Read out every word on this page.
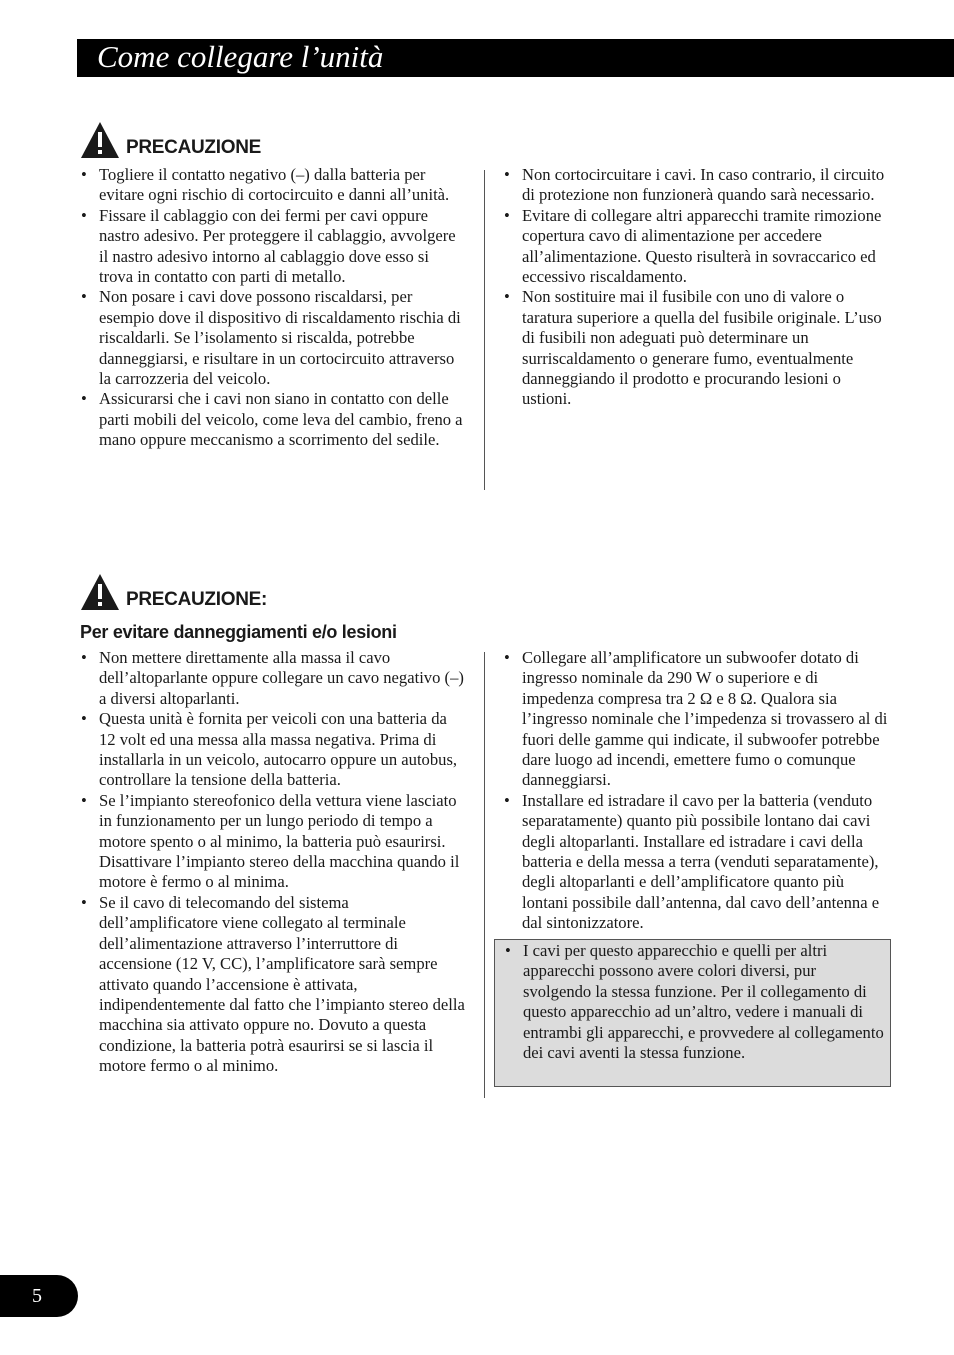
Come collegare l’unità
PRECAUZIONE
• Togliere il contatto negativo (–) dalla batteria per evitare ogni rischio di cortocircuito e danni all’unità.
• Fissare il cablaggio con dei fermi per cavi oppure nastro adesivo. Per proteggere il cablaggio, avvolgere il nastro adesivo intorno al cablaggio dove esso si trova in contatto con parti di metallo.
• Non posare i cavi dove possono riscaldarsi, per esempio dove il dispositivo di riscaldamento rischia di riscaldarli. Se l’isolamento si riscalda, potrebbe danneggiarsi, e risultare in un cortocircuito attraverso la carrozzeria del veicolo.
• Assicurarsi che i cavi non siano in contatto con delle parti mobili del veicolo, come leva del cambio, freno a mano oppure meccanismo a scorrimento del sedile.
• Non cortocircuitare i cavi. In caso contrario, il circuito di protezione non funzionerà quando sarà necessario.
• Evitare di collegare altri apparecchi tramite rimozione copertura cavo di alimentazione per accedere all’alimentazione. Questo risulterà in sovraccarico ed eccessivo riscaldamento.
• Non sostituire mai il fusibile con uno di valore o taratura superiore a quella del fusibile originale. L’uso di fusibili non adeguati può determinare un surriscaldamento o generare fumo, eventualmente danneggiando il prodotto e procurando lesioni o ustioni.
PRECAUZIONE:
Per evitare danneggiamenti e/o lesioni
• Non mettere direttamente alla massa il cavo dell’altoparlante oppure collegare un cavo negativo (–) a diversi altoparlanti.
• Questa unità è fornita per veicoli con una batteria da 12 volt ed una messa alla massa negativa. Prima di installarla in un veicolo, autocarro oppure un autobus, controllare la tensione della batteria.
• Se l’impianto stereofonico della vettura viene lasciato in funzionamento per un lungo periodo di tempo a motore spento o al minimo, la batteria può esaurirsi. Disattivare l’impianto stereo della macchina quando il motore è fermo o al minima.
• Se il cavo di telecomando del sistema dell’amplificatore viene collegato al terminale dell’alimentazione attraverso l’interruttore di accensione (12 V, CC), l’amplificatore sarà sempre attivato quando l’accensione è attivata, indipendentemente dal fatto che l’impianto stereo della macchina sia attivato oppure no. Dovuto a questa condizione, la batteria potrà esaurirsi se si lascia il motore fermo o al minimo.
• Collegare all’amplificatore un subwoofer dotato di ingresso nominale da 290 W o superiore e di impedenza compresa tra 2 Ω e 8 Ω. Qualora sia l’ingresso nominale che l’impedenza si trovassero al di fuori delle gamme qui indicate, il subwoofer potrebbe dare luogo ad incendi, emettere fumo o comunque danneggiarsi.
• Installare ed istradare il cavo per la batteria (venduto separatamente) quanto più possibile lontano dai cavi degli altoparlanti. Installare ed istradare i cavi della batteria e della messa a terra (venduti separatamente), degli altoparlanti e dell’amplificatore quanto più lontani possibile dall’antenna, dal cavo dell’antenna e dal sintonizzatore.
• I cavi per questo apparecchio e quelli per altri apparecchi possono avere colori diversi, pur svolgendo la stessa funzione. Per il collegamento di questo apparecchio ad un’altro, vedere i manuali di entrambi gli apparecchi, e provvedere al collegamento dei cavi aventi la stessa funzione.
5
